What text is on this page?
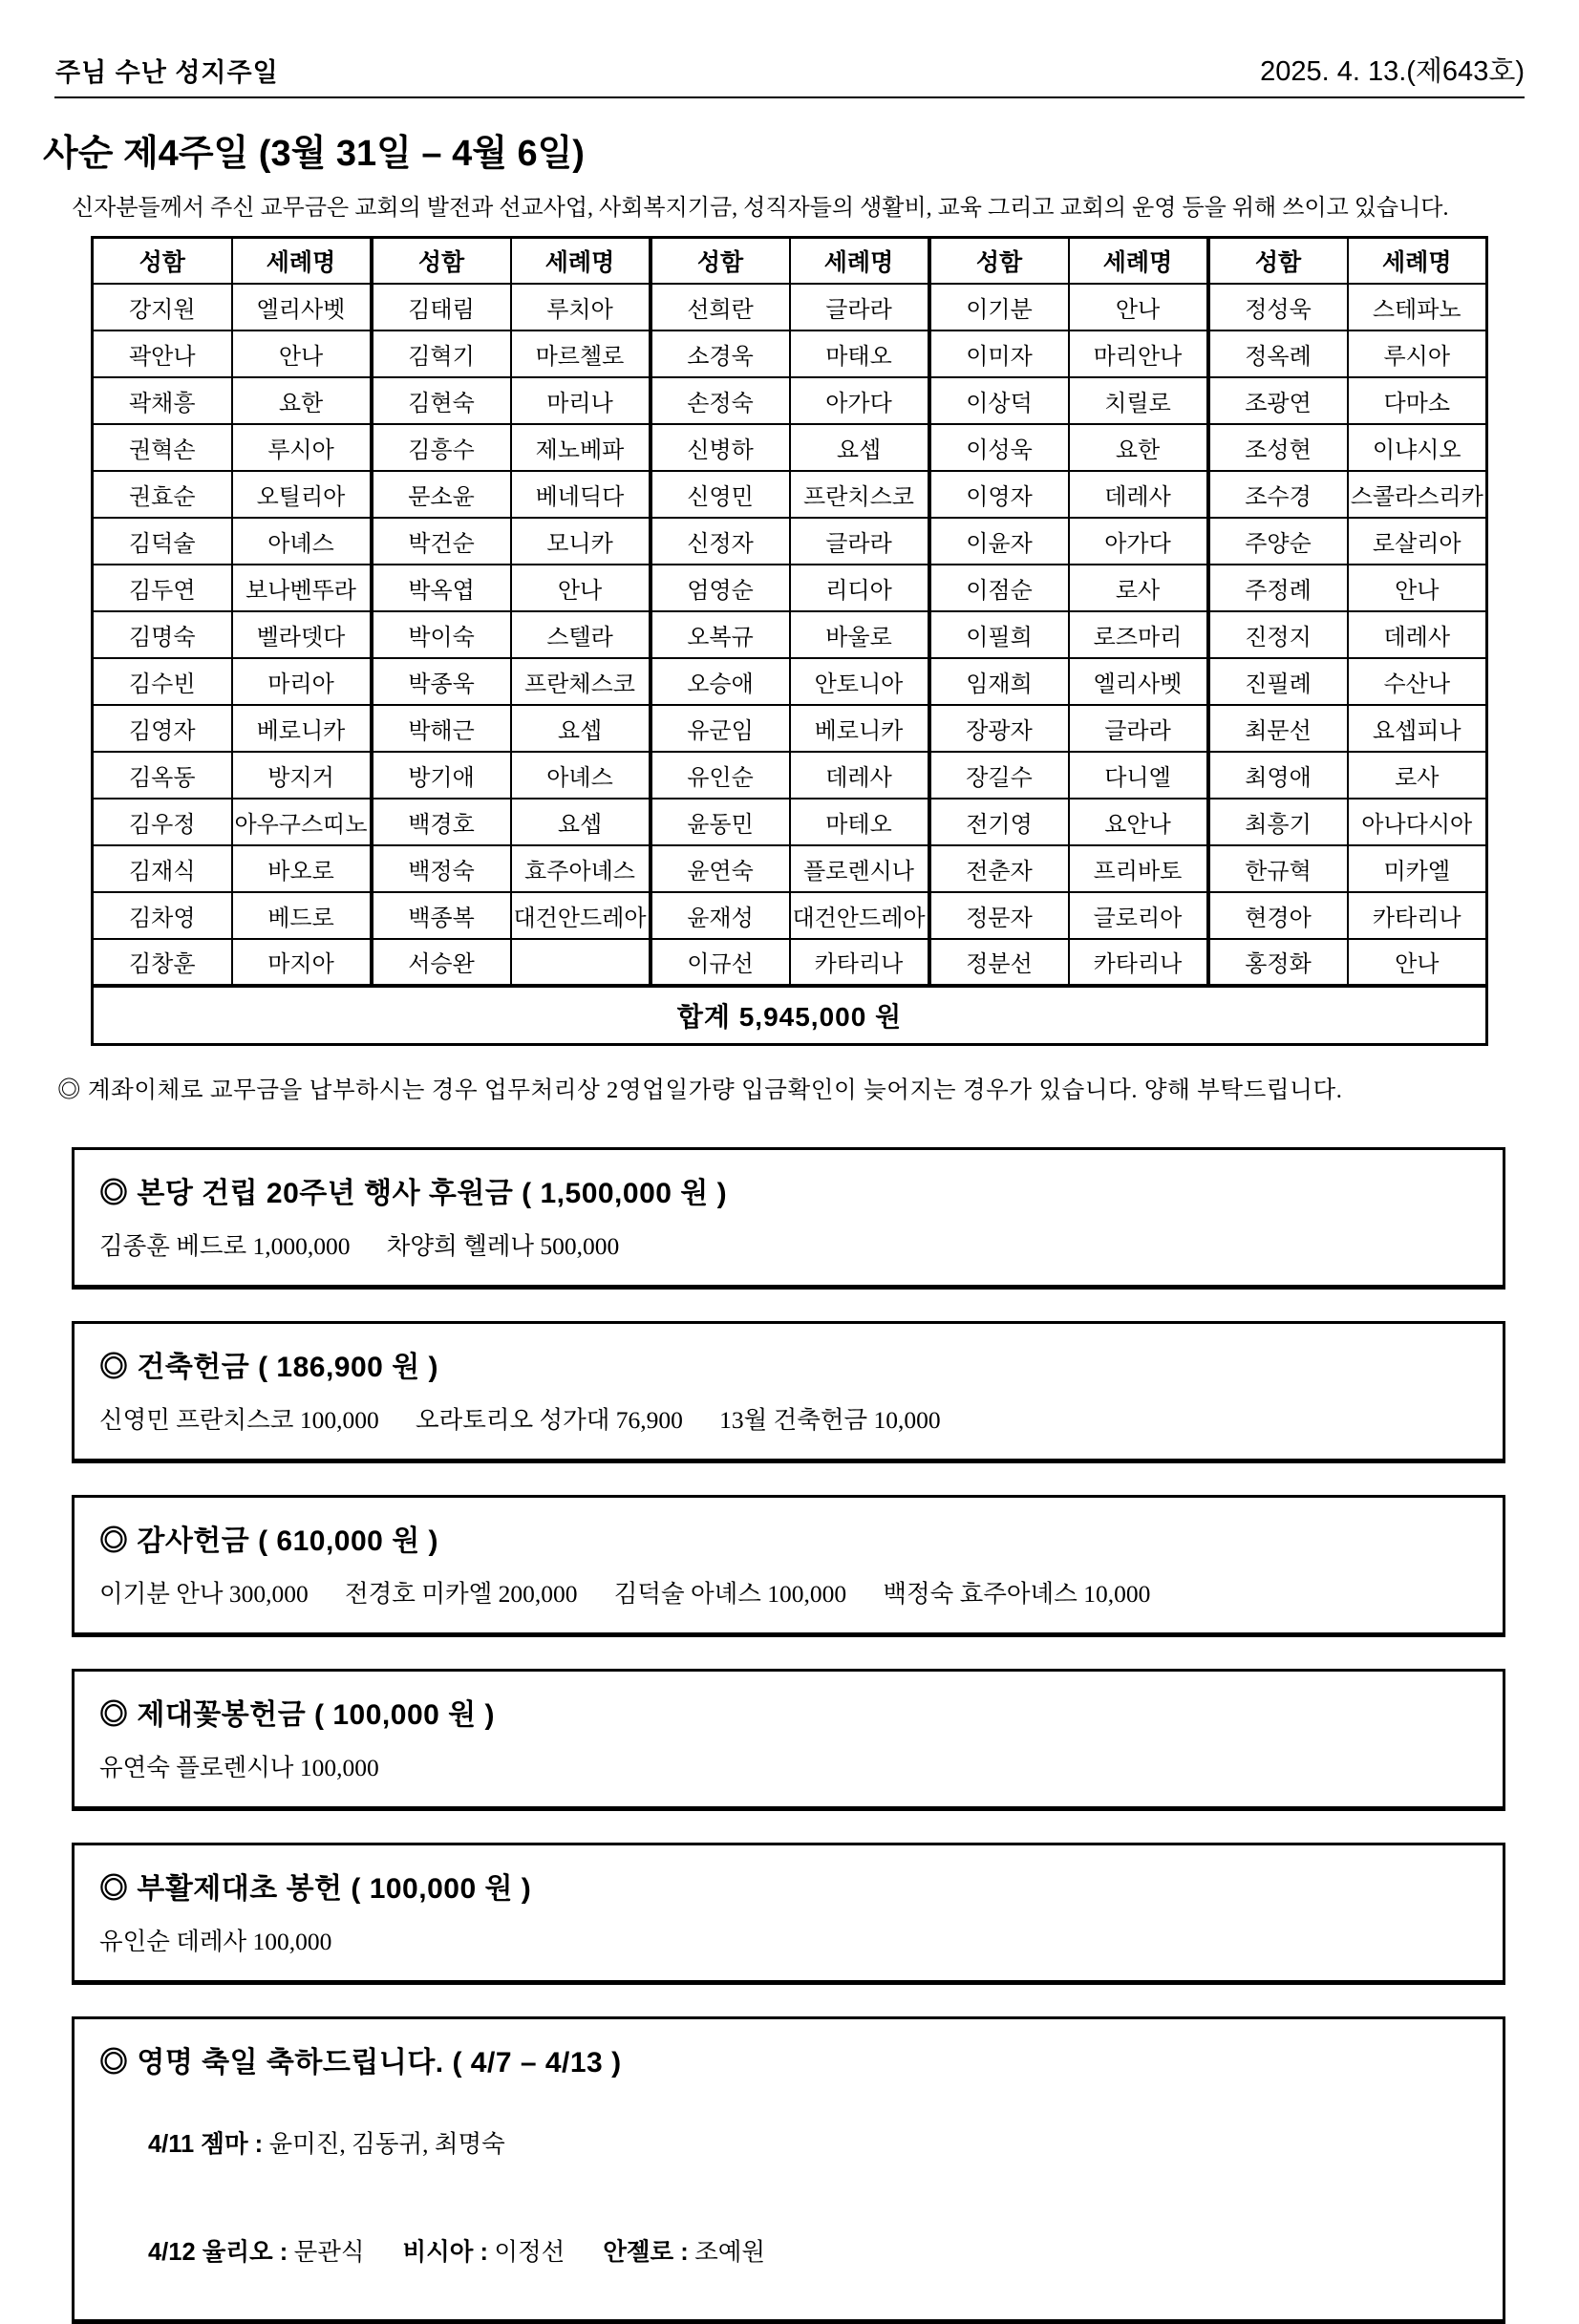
주님 수난 성지주일	2025. 4. 13.(제643호)
사순 제4주일 (3월 31일 – 4월 6일)
신자분들께서 주신 교무금은 교회의 발전과 선교사업, 사회복지기금, 성직자들의 생활비, 교육 그리고 교회의 운영 등을 위해 쓰이고 있습니다.
성함	세례명	성함	세례명	성함	세례명	성함	세례명	성함	세례명
강지원	엘리사벳	김태림	루치아	선희란	글라라	이기분	안나	정성욱	스테파노
곽안나	안나	김혁기	마르첼로	소경욱	마태오	이미자	마리안나	정옥례	루시아
곽채흥	요한	김현숙	마리나	손정숙	아가다	이상덕	치릴로	조광연	다마소
권혁손	루시아	김흥수	제노베파	신병하	요셉	이성욱	요한	조성현	이냐시오
권효순	오틸리아	문소윤	베네딕다	신영민	프란치스코	이영자	데레사	조수경	스콜라스리카
김덕술	아녜스	박건순	모니카	신정자	글라라	이윤자	아가다	주양순	로살리아
김두연	보나벤뚜라	박옥엽	안나	엄영순	리디아	이점순	로사	주정례	안나
김명숙	벨라뎃다	박이숙	스텔라	오복규	바울로	이필희	로즈마리	진정지	데레사
김수빈	마리아	박종욱	프란체스코	오승애	안토니아	임재희	엘리사벳	진필례	수산나
김영자	베로니카	박해근	요셉	유군임	베로니카	장광자	글라라	최문선	요셉피나
김옥동	방지거	방기애	아녜스	유인순	데레사	장길수	다니엘	최영애	로사
김우정	아우구스띠노	백경호	요셉	윤동민	마테오	전기영	요안나	최흥기	아나다시아
김재식	바오로	백정숙	효주아녜스	윤연숙	플로렌시나	전춘자	프리바토	한규혁	미카엘
김차영	베드로	백종복	대건안드레아	윤재성	대건안드레아	정문자	글로리아	현경아	카타리나
김창훈	마지아	서승완		이규선	카타리나	정분선	카타리나	홍정화	안나
합계 5,945,000 원									
◎ 계좌이체로 교무금을 납부하시는 경우 업무처리상 2영업일가량 입금확인이 늦어지는 경우가 있습니다. 양해 부탁드립니다.
◎ 본당 건립 20주년 행사 후원금 ( 1,500,000 원 )
김종훈 베드로 1,000,000      차양희 헬레나 500,000
◎ 건축헌금 ( 186,900 원 )
신영민 프란치스코 100,000      오라토리오 성가대 76,900      13월 건축헌금 10,000
◎ 감사헌금 ( 610,000 원 )
이기분 안나 300,000      전경호 미카엘 200,000      김덕술 아녜스 100,000      백정숙 효주아녜스 10,000
◎ 제대꽃봉헌금 ( 100,000 원 )
유연숙 플로렌시나 100,000
◎ 부활제대초 봉헌 ( 100,000 원 )
유인순 데레사 100,000
◎ 영명 축일 축하드립니다. ( 4/7 – 4/13 )

4/11 젬마 : 윤미진, 김동귀, 최명숙

4/12 율리오 : 문관식 비시아 : 이정선 안젤로 : 조예원
